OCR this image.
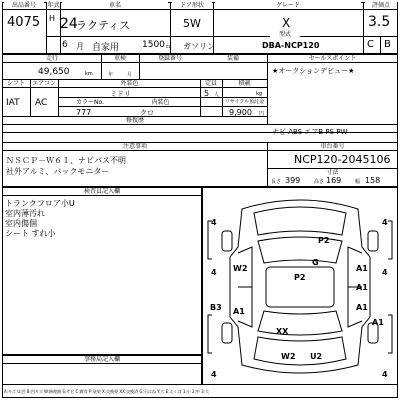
出品番号
4075
年式
H 24
6 月
車名
ラクティス
自家用	1500 cc
ドア形状
5W
ガソリン
グレード
X
型式
DBA-NCP120
評価点
3.5
C B
走行
49,650	km
車検
年	月
登録番号	装備	セールスポイント
★オークションデビュー★
シフト
IAT
エアコン
AC
外装色
ミドリ
定員
5 人
積載
kg
カラーNo.
777
内装色
クロ
リサイクル預託金
9,900 円
修復歴
ナビ ABS エアB PS PW
注意事項
ＮＳＣＰ－Ｗ６１、ナビパス不明
社外アルミ、バックモニター
車台番号
NCP120-2045106
寸法
長さ 399	高さ 169	幅 158
検査員記入欄
トランクフロア小U
室内薄汚れ
室内傷個
シート すれ小
事務局記入欄
4	4
4	4
4	4
P2
G
W2	A1
P2
A1
B3 A1	A1
A1
XX
W2 U2
A:キズ U:凹 B:凹キズ W:修理跡 S:サビ C:腐食 P:塗装 X:交換要 XX:交換済 G:石はね Y:穴 E:えくぼ 1:小 2:中 3:大
